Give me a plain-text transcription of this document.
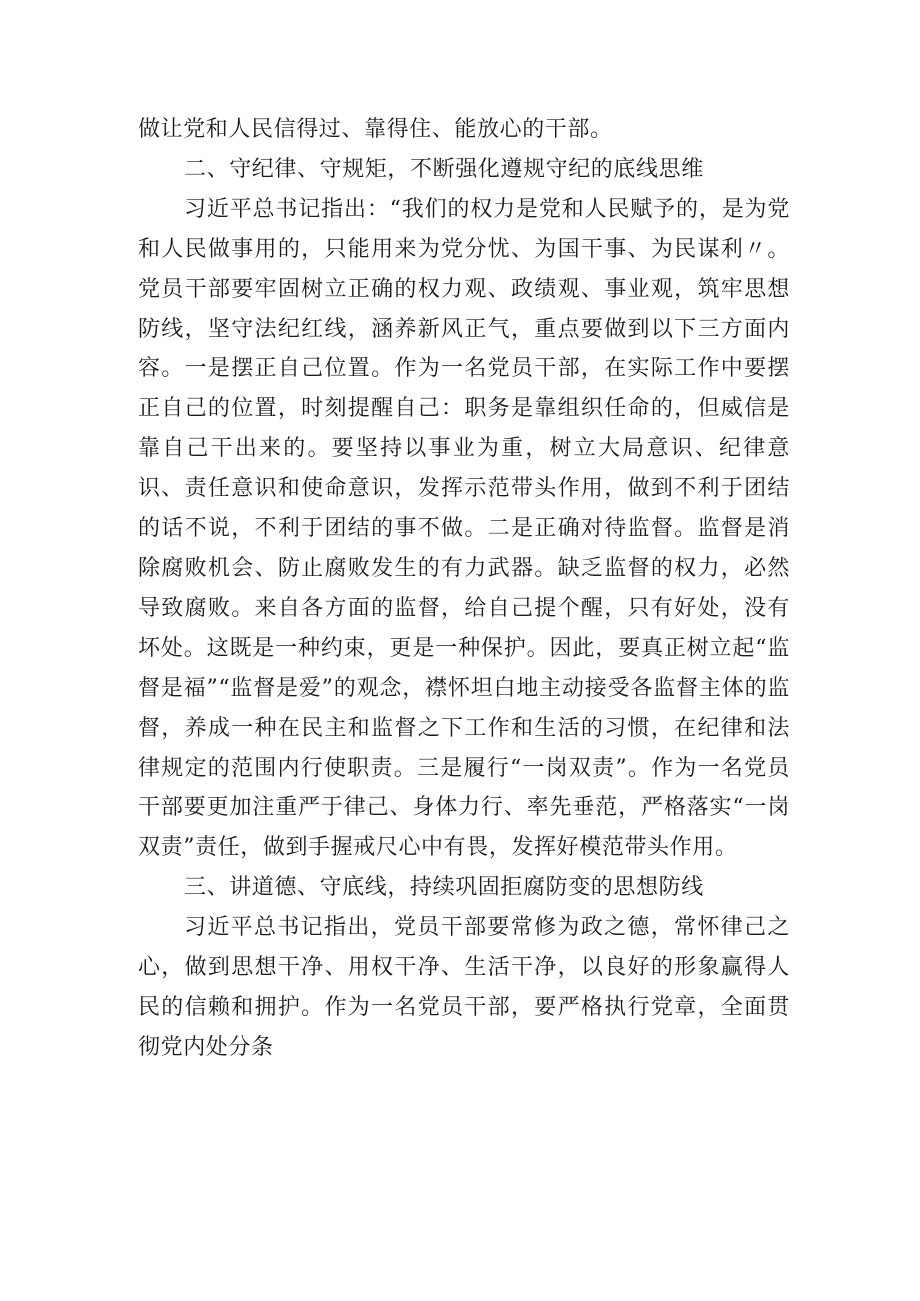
做让党和人民信得过、靠得住、能放心的干部。

二、守纪律、守规矩，不断强化遵规守纪的底线思维

习近平总书记指出：“我们的权力是党和人民赋予的，是为党和人民做事用的，只能用来为党分忧、为国干事、为民谋利〃。党员干部要牢固树立正确的权力观、政绩观、事业观，筑牢思想防线，坚守法纪红线，涵养新风正气，重点要做到以下三方面内容。一是摆正自己位置。作为一名党员干部，在实际工作中要摆正自己的位置，时刻提醒自己：职务是靠组织任命的，但威信是靠自己干出来的。要坚持以事业为重，树立大局意识、纪律意识、责任意识和使命意识，发挥示范带头作用，做到不利于团结的话不说，不利于团结的事不做。二是正确对待监督。监督是消除腐败机会、防止腐败发生的有力武器。缺乏监督的权力，必然导致腐败。来自各方面的监督，给自己提个醒，只有好处，没有坏处。这既是一种约束，更是一种保护。因此，要真正树立起“监督是福”“监督是爱”的观念，襟怀坦白地主动接受各监督主体的监督，养成一种在民主和监督之下工作和生活的习惯，在纪律和法律规定的范围内行使职责。三是履行“一岗双责”。作为一名党员干部要更加注重严于律己、身体力行、率先垂范，严格落实“一岗双责”责任，做到手握戒尺心中有畏，发挥好模范带头作用。

三、讲道德、守底线，持续巩固拒腐防变的思想防线

习近平总书记指出，党员干部要常修为政之德，常怀律己之心，做到思想干净、用权干净、生活干净，以良好的形象赢得人民的信赖和拥护。作为一名党员干部，要严格执行党章，全面贯彻党内处分条
